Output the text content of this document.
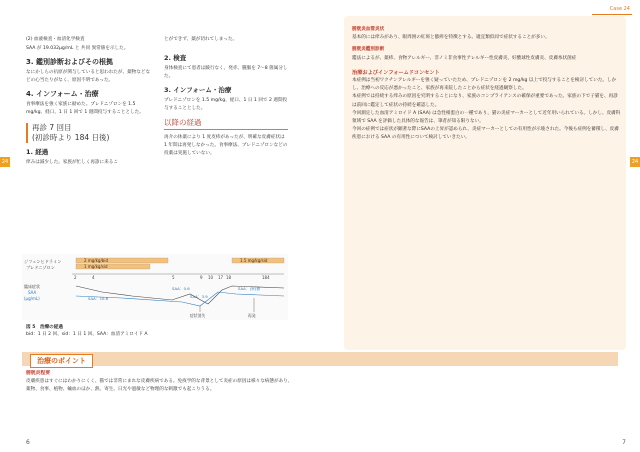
24

(2) 血液検査・血清化学検査

SAA が 19.032μg/mL と 共同 異常値を示した。

3. 鑑別診断およびその根拠

なにかしらの抗原が関与していると思われたが、薬物などなどの心当たりがなく、原因不明であった。

4. インフォーム・治療

食事療法を強く家族に勧めた。プレドニゾロンを 1.5 mg/kg、経口、1 日 1 回で 1 週間投与することとした。

再診 7 回目
(初診時より 184 日後)
1. 経過

痒みは減少した。家族が忙しく再診に来るこ

とができず、薬が切れてしまった。

2. 検査

身体検査にて患者は跛行なく、発赤、腫脹を 7〜8 箇属分した。

3. インフォーム・治療

プレドニゾロンを 1.5 mg/kg、経口、1 日 1 回で 2 週間投与することとした。

以降の経過

再介の休薬により 1 度皮疹があったが、明確な皮膚症状は 1 年間は再発しなかった。食事療法、プレドニゾロンなどの投薬は実施していない。

ジフェンヒドラミン
プレドニゾロン
2 mg/kg/bid
1 mg/kg/sid
1.5 mg/kg/sid
2	4	5	9 10 17 18	184
臨床症状
SAA
(μg/mL)	SAA：10.8
SAA：0.6
SAA：3.9
SAA：(異)値
症状消失	再発
図 5　治療の経過
bid：1 日 2 回、sid：1 日 1 回、SAA：血清アミロイド A
6
Case 24
24
7
膀胱炎血管炎状

基本的には痒みがあり、眼周囲の紅斑と膨疹を特徴とする。適宜類似同で症状することが多い。

膀胱炎鑑別診断

鑑法によるが、薬疹、食物アレルギー、非ノミ非食事性アレルギー性皮膚炎、好酸球性皮膚炎、皮膚糸状菌症

治療およびインフォームドコンセント

本症例は当初ワクチンアレルギーを強く疑っていたため、プレドニゾロンを 2 mg/kg 以上で投与することを検討していた。しかし、治療への反応が悪かったこと、家族が再来院したことから症状を経過観察した。

本症例では持続する痒みの原因を究明することになり、家族のコンプライアンスの確保が重要であった。家族の下で子猫を、再診は前回に鑑定して症状の持続を確認した。

今回測定した血清アミロイド A (SAA) は急性相蛋白の一種であり、猫の炎症マーカーとして近年用いられている。しかし、皮膚科領域で SAA を評価した具体的な報告は、筆者が知る限りない。

今回の症例では症状が顕著な際にSAAの上昇が認められ、炎症マーカーとしての有用性が示唆された。今後も症例を蓄積し、皮膚疾患における SAA の有用性について検討していきたい。

治療のポイント
膀胱炎程要

皮膚疾患はすぐにはわかりにくく、猫では非常にまれな皮膚疾病である。免疫学的な背景として炎症の原因は様々な病態があり、薬物、食事、植物、輸血のほか、熱、寄生、日光や過敏など物理的な刺激でも起こりうる。
